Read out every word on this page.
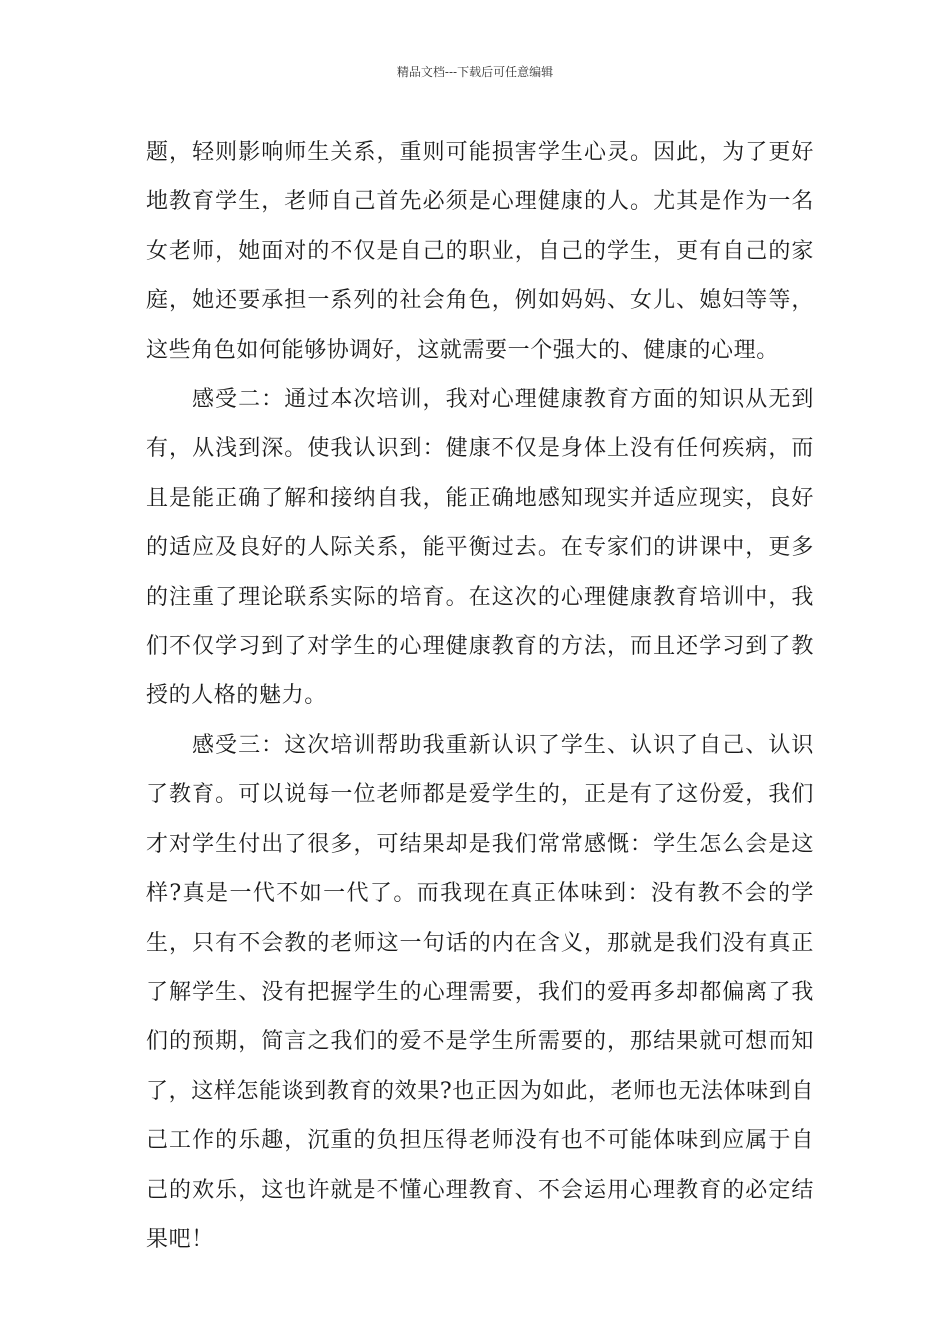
精品文档---下载后可任意编辑

题，轻则影响师生关系，重则可能损害学生心灵。因此，为了更好地教育学生，老师自己首先必须是心理健康的人。尤其是作为一名女老师，她面对的不仅是自己的职业，自己的学生，更有自己的家庭，她还要承担一系列的社会角色，例如妈妈、女儿、媳妇等等，这些角色如何能够协调好，这就需要一个强大的、健康的心理。

感受二：通过本次培训，我对心理健康教育方面的知识从无到有，从浅到深。使我认识到：健康不仅是身体上没有任何疾病，而且是能正确了解和接纳自我，能正确地感知现实并适应现实，良好的适应及良好的人际关系，能平衡过去。在专家们的讲课中，更多的注重了理论联系实际的培育。在这次的心理健康教育培训中，我们不仅学习到了对学生的心理健康教育的方法，而且还学习到了教授的人格的魅力。

感受三：这次培训帮助我重新认识了学生、认识了自己、认识了教育。可以说每一位老师都是爱学生的，正是有了这份爱，我们才对学生付出了很多，可结果却是我们常常感慨：学生怎么会是这样?真是一代不如一代了。而我现在真正体味到：没有教不会的学生，只有不会教的老师这一句话的内在含义，那就是我们没有真正了解学生、没有把握学生的心理需要，我们的爱再多却都偏离了我们的预期，简言之我们的爱不是学生所需要的，那结果就可想而知了，这样怎能谈到教育的效果?也正因为如此，老师也无法体味到自己工作的乐趣，沉重的负担压得老师没有也不可能体味到应属于自己的欢乐，这也许就是不懂心理教育、不会运用心理教育的必定结果吧！
